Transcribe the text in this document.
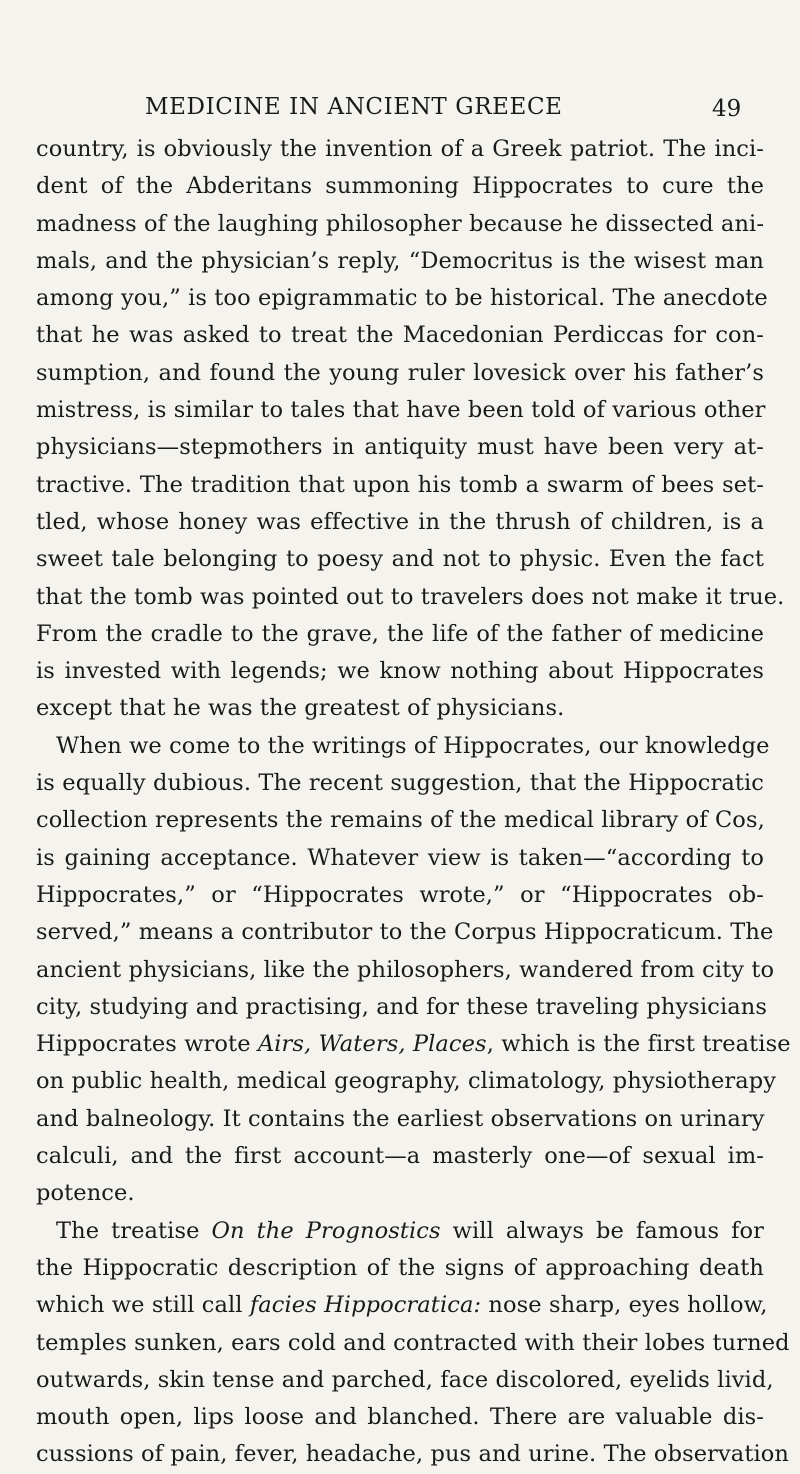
MEDICINE IN ANCIENT GREECE	49
country, is obviously the invention of a Greek patriot. The inci-
dent of the Abderitans summoning Hippocrates to cure the
madness of the laughing philosopher because he dissected ani-
mals, and the physician’s reply, “Democritus is the wisest man
among you,” is too epigrammatic to be historical. The anecdote
that he was asked to treat the Macedonian Perdiccas for con-
sumption, and found the young ruler lovesick over his father’s
mistress, is similar to tales that have been told of various other
physicians—stepmothers in antiquity must have been very at-
tractive. The tradition that upon his tomb a swarm of bees set-
tled, whose honey was effective in the thrush of children, is a
sweet tale belonging to poesy and not to physic. Even the fact
that the tomb was pointed out to travelers does not make it true.
From the cradle to the grave, the life of the father of medicine
is invested with legends; we know nothing about Hippocrates
except that he was the greatest of physicians.
When we come to the writings of Hippocrates, our knowledge
is equally dubious. The recent suggestion, that the Hippocratic
collection represents the remains of the medical library of Cos,
is gaining acceptance. Whatever view is taken—“according to
Hippocrates,” or “Hippocrates wrote,” or “Hippocrates ob-
served,” means a contributor to the Corpus Hippocraticum. The
ancient physicians, like the philosophers, wandered from city to
city, studying and practising, and for these traveling physicians
Hippocrates wrote Airs, Waters, Places, which is the first treatise
on public health, medical geography, climatology, physiotherapy
and balneology. It contains the earliest observations on urinary
calculi, and the first account—a masterly one—of sexual im-
potence.
The treatise On the Prognostics will always be famous for
the Hippocratic description of the signs of approaching death
which we still call facies Hippocratica: nose sharp, eyes hollow,
temples sunken, ears cold and contracted with their lobes turned
outwards, skin tense and parched, face discolored, eyelids livid,
mouth open, lips loose and blanched. There are valuable dis-
cussions of pain, fever, headache, pus and urine. The observation
